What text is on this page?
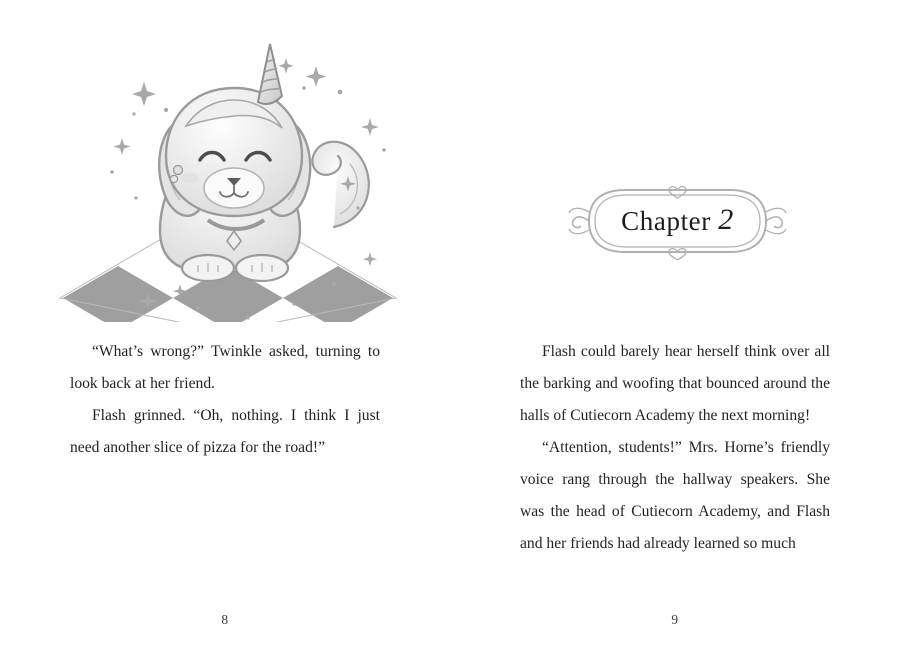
“What’s wrong?” Twinkle asked, turning to look back at her friend.

Flash grinned. “Oh, nothing. I think I just need another slice of pizza for the road!”

8
Chapter
2

Flash could barely hear herself think over all the barking and woofing that bounced around the halls of Cutiecorn Academy the next morning!

“Attention, students!” Mrs. Horne’s friendly voice rang through the hallway speakers. She was the head of Cutiecorn Academy, and Flash and her friends had already learned so much

9
